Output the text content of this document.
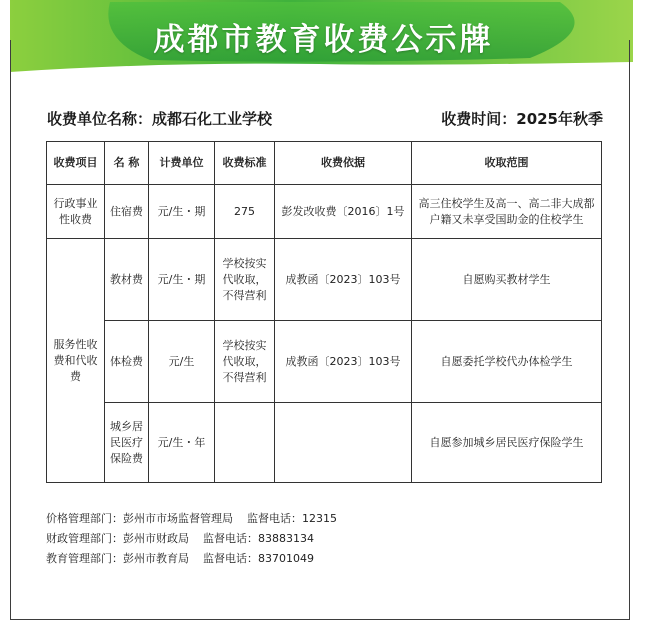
成都市教育收费公示牌
收费单位名称：成都石化工业学校	收费时间：2025年秋季
收费项目	名 称	计费单位	收费标准	收费依据	收取范围
行政事业性收费	住宿费	元/生・期	275	彭发改收费〔2016〕1号	高三住校学生及高一、高二非大成都户籍又未享受国助金的住校学生
服务性收费和代收费	教材费	元/生・期	学校按实代收取，不得营利	成教函〔2023〕103号	自愿购买教材学生
	体检费	元/生	学校按实代收取，不得营利	成教函〔2023〕103号	自愿委托学校代办体检学生
	城乡居民医疗保险费	元/生・年			自愿参加城乡居民医疗保险学生
价格管理部门：彭州市市场监督管理局 监督电话：12315
财政管理部门：彭州市财政局 监督电话：83883134
教育管理部门：彭州市教育局 监督电话：83701049
